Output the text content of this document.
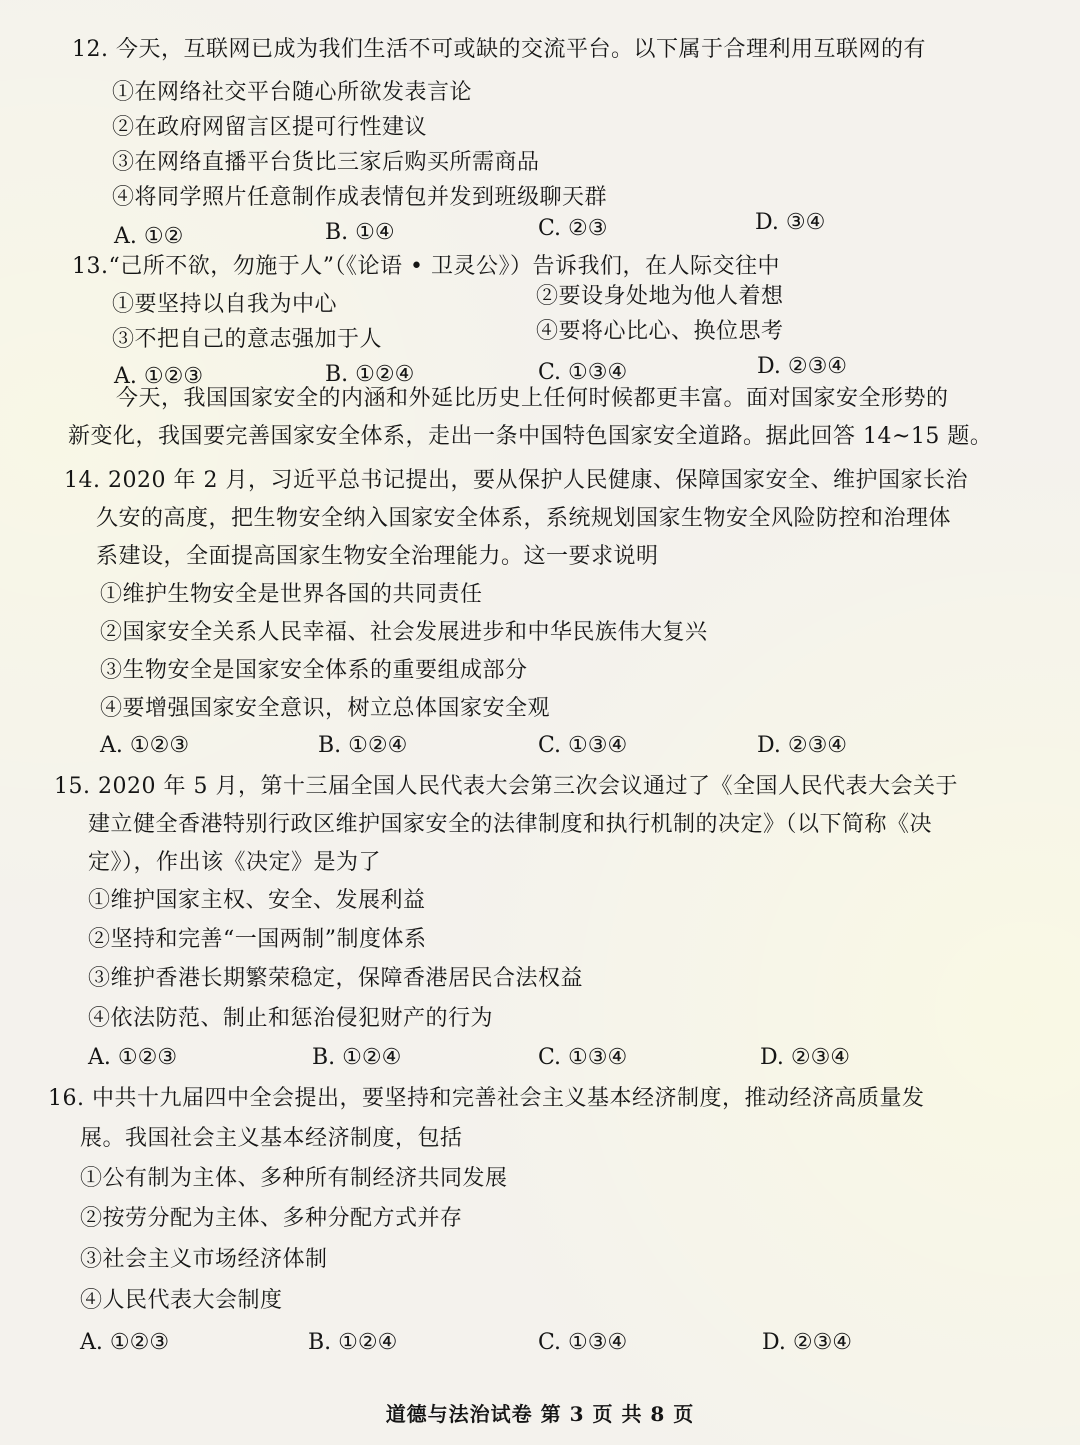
12. 今天，互联网已成为我们生活不可或缺的交流平台。以下属于合理利用互联网的有
①在网络社交平台随心所欲发表言论
②在政府网留言区提可行性建议
③在网络直播平台货比三家后购买所需商品
④将同学照片任意制作成表情包并发到班级聊天群
A. ①②	B. ①④	C. ②③	D. ③④
13.“己所不欲，勿施于人”（《论语 • 卫灵公》）告诉我们，在人际交往中
①要坚持以自我为中心	②要设身处地为他人着想
③不把自己的意志强加于人	④要将心比心、换位思考
A. ①②③	B. ①②④	C. ①③④	D. ②③④
今天，我国国家安全的内涵和外延比历史上任何时候都更丰富。面对国家安全形势的
新变化，我国要完善国家安全体系，走出一条中国特色国家安全道路。据此回答 14~15 题。
14. 2020 年 2 月，习近平总书记提出，要从保护人民健康、保障国家安全、维护国家长治
久安的高度，把生物安全纳入国家安全体系，系统规划国家生物安全风险防控和治理体
系建设，全面提高国家生物安全治理能力。这一要求说明
①维护生物安全是世界各国的共同责任
②国家安全关系人民幸福、社会发展进步和中华民族伟大复兴
③生物安全是国家安全体系的重要组成部分
④要增强国家安全意识，树立总体国家安全观
A. ①②③	B. ①②④	C. ①③④	D. ②③④
15. 2020 年 5 月，第十三届全国人民代表大会第三次会议通过了《全国人民代表大会关于
建立健全香港特别行政区维护国家安全的法律制度和执行机制的决定》（以下简称《决
定》），作出该《决定》是为了
①维护国家主权、安全、发展利益
②坚持和完善“一国两制”制度体系
③维护香港长期繁荣稳定，保障香港居民合法权益
④依法防范、制止和惩治侵犯财产的行为
A. ①②③	B. ①②④	C. ①③④	D. ②③④
16. 中共十九届四中全会提出，要坚持和完善社会主义基本经济制度，推动经济高质量发
展。我国社会主义基本经济制度，包括
①公有制为主体、多种所有制经济共同发展
②按劳分配为主体、多种分配方式并存
③社会主义市场经济体制
④人民代表大会制度
A. ①②③	B. ①②④	C. ①③④	D. ②③④
道德与法治试卷 第 3 页 共 8 页
